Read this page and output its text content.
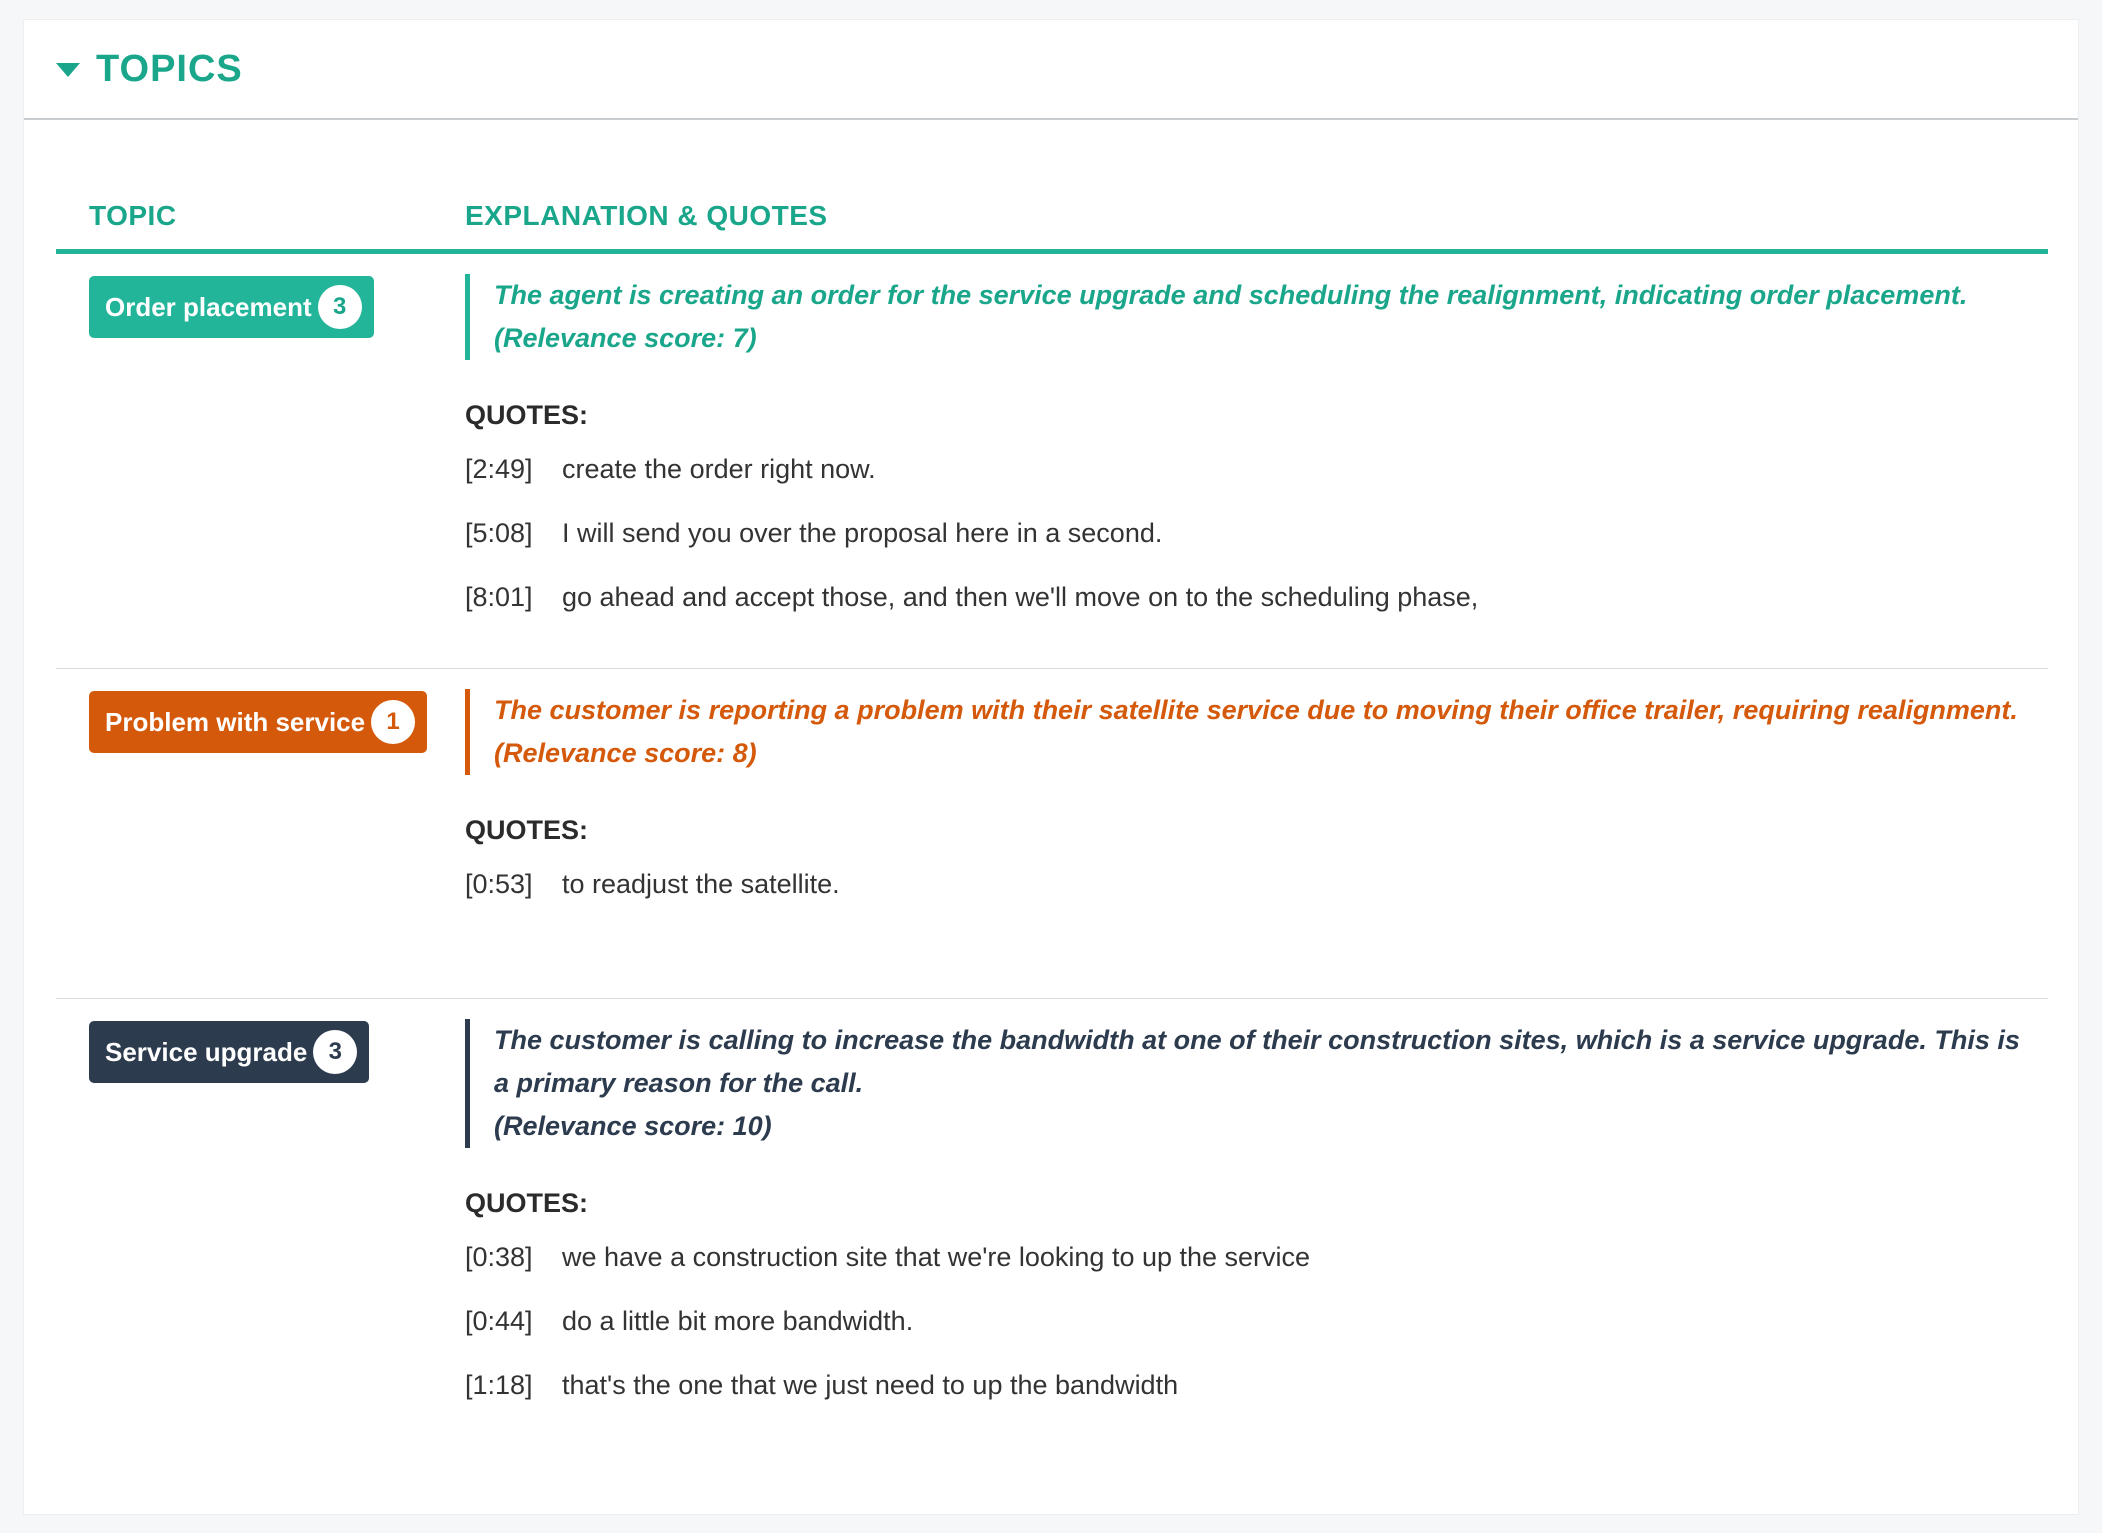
TOPICS
TOPIC	EXPLANATION & QUOTES
Order placement 3	The agent is creating an order for the service upgrade and scheduling the realignment, indicating order placement.
(Relevance score: 7)
QUOTES:
[2:49]	create the order right now.
[5:08]	I will send you over the proposal here in a second.
[8:01]	go ahead and accept those, and then we'll move on to the scheduling phase,
Problem with service 1	The customer is reporting a problem with their satellite service due to moving their office trailer, requiring realignment.
(Relevance score: 8)
QUOTES:
[0:53]	to readjust the satellite.
Service upgrade 3	The customer is calling to increase the bandwidth at one of their construction sites, which is a service upgrade. This is a primary reason for the call.
(Relevance score: 10)
QUOTES:
[0:38]	we have a construction site that we're looking to up the service
[0:44]	do a little bit more bandwidth.
[1:18]	that's the one that we just need to up the bandwidth
